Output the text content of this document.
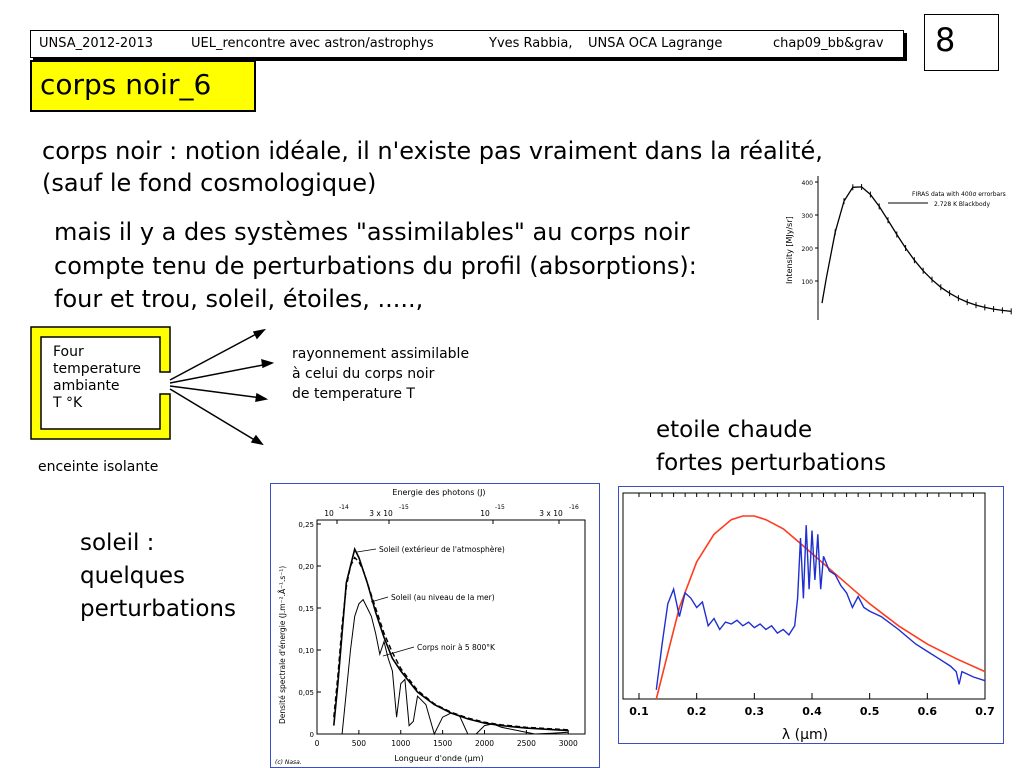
UNSA_2012-2013	UEL_rencontre avec astron/astrophys	Yves Rabbia, UNSA OCA Lagrange	chap09_bb&grav 8
corps noir_6
corps noir : notion idéale, il n'existe pas vraiment dans la réalité,
(sauf le fond cosmologique)
mais il y a des systèmes "assimilables" au corps noir
compte tenu de perturbations du profil (absorptions):
four et trou, soleil, étoiles, .....,
100
200
300
400
Intensity [MJy/sr]
FIRAS data with 400σ errorbars
2.728 K Blackbody
Four
temperature
ambiante
T °K
enceinte isolante
rayonnement assimilable
à celui du corps noir
de temperature T
etoile chaude
fortes perturbations
soleil :
quelques
perturbations
Energie des photons (J)
10
-14
3 x 10
-15
10
-15
3 x 10
-16
0	500	1000	1500	2000	2500	3000
0
0,05
0,10
0,15
0,20
0,25
Longueur d'onde (μm)
Densité spectrale d'énergie (J.m⁻².Å⁻¹.s⁻¹)
(c) Nasa.
Soleil (extérieur de l'atmosphère)
Soleil (au niveau de la mer)
Corps noir à 5 800°K
0.1	0.2	0.3	0.4	0.5	0.6	0.7
λ (μm)
